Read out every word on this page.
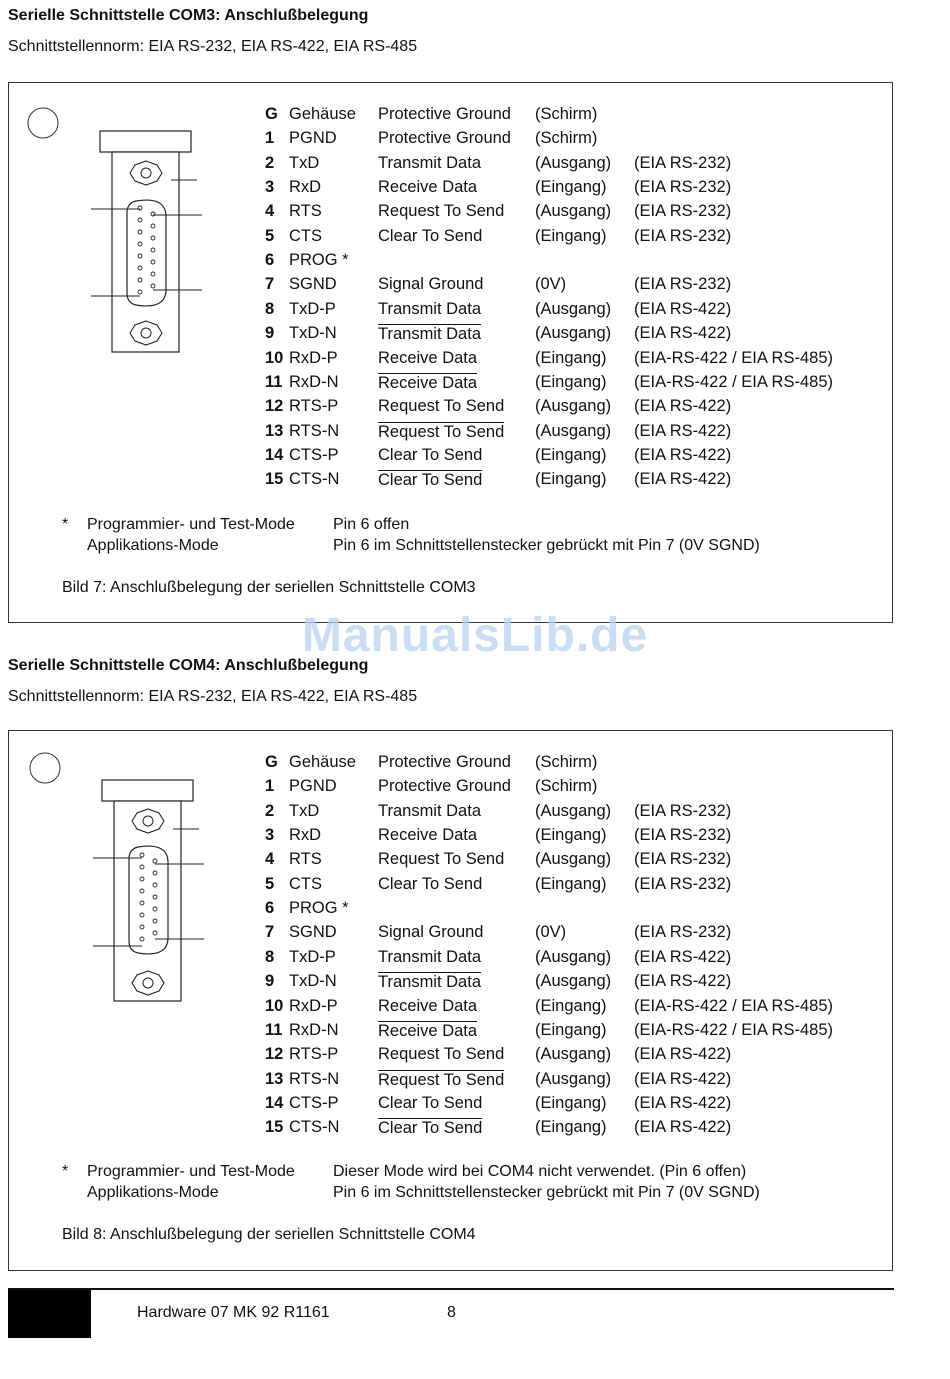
Serielle Schnittstelle COM3: Anschlußbelegung
Schnittstellennorm: EIA RS-232, EIA RS-422, EIA RS-485
G Gehäuse Protective Ground (Schirm)
1 PGND	Protective Ground (Schirm)
2 TxD	Transmit Data	(Ausgang) (EIA RS-232)
3 RxD	Receive Data	(Eingang) (EIA RS-232)
4 RTS	Request To Send (Ausgang) (EIA RS-232)
5 CTS	Clear To Send	(Eingang) (EIA RS-232)
6 PROG *
7 SGND	Signal Ground	(0V)	(EIA RS-232)
8 TxD-P	Transmit Data	(Ausgang) (EIA RS-422)
9 TxD-N	Transmit Data	(Ausgang) (EIA RS-422)
10 RxD-P Receive Data	(Eingang) (EIA-RS-422 / EIA RS-485)
11 RxD-N Receive Data	(Eingang) (EIA-RS-422 / EIA RS-485)
12 RTS-P Request To Send (Ausgang) (EIA RS-422)
13 RTS-N Request To Send (Ausgang) (EIA RS-422)
14 CTS-P Clear To Send	(Eingang) (EIA RS-422)
15 CTS-N Clear To Send	(Eingang) (EIA RS-422)
* Programmier- und Test-Mode Pin 6 offen
Applikations-Mode	Pin 6 im Schnittstellenstecker gebrückt mit Pin 7 (0V SGND)
Bild 7: Anschlußbelegung der seriellen Schnittstelle COM3
ManualsLib.de
Serielle Schnittstelle COM4: Anschlußbelegung
Schnittstellennorm: EIA RS-232, EIA RS-422, EIA RS-485
G Gehäuse Protective Ground (Schirm)
1 PGND	Protective Ground (Schirm)
2 TxD	Transmit Data	(Ausgang) (EIA RS-232)
3 RxD	Receive Data	(Eingang) (EIA RS-232)
4 RTS	Request To Send (Ausgang) (EIA RS-232)
5 CTS	Clear To Send	(Eingang) (EIA RS-232)
6 PROG *
7 SGND	Signal Ground	(0V)	(EIA RS-232)
8 TxD-P	Transmit Data	(Ausgang) (EIA RS-422)
9 TxD-N	Transmit Data	(Ausgang) (EIA RS-422)
10 RxD-P Receive Data	(Eingang) (EIA-RS-422 / EIA RS-485)
11 RxD-N Receive Data	(Eingang) (EIA-RS-422 / EIA RS-485)
12 RTS-P Request To Send (Ausgang) (EIA RS-422)
13 RTS-N Request To Send (Ausgang) (EIA RS-422)
14 CTS-P Clear To Send	(Eingang) (EIA RS-422)
15 CTS-N Clear To Send	(Eingang) (EIA RS-422)
* Programmier- und Test-Mode Dieser Mode wird bei COM4 nicht verwendet. (Pin 6 offen)
Applikations-Mode	Pin 6 im Schnittstellenstecker gebrückt mit Pin 7 (0V SGND)
Bild 8: Anschlußbelegung der seriellen Schnittstelle COM4
Hardware 07 MK 92 R1161	8
